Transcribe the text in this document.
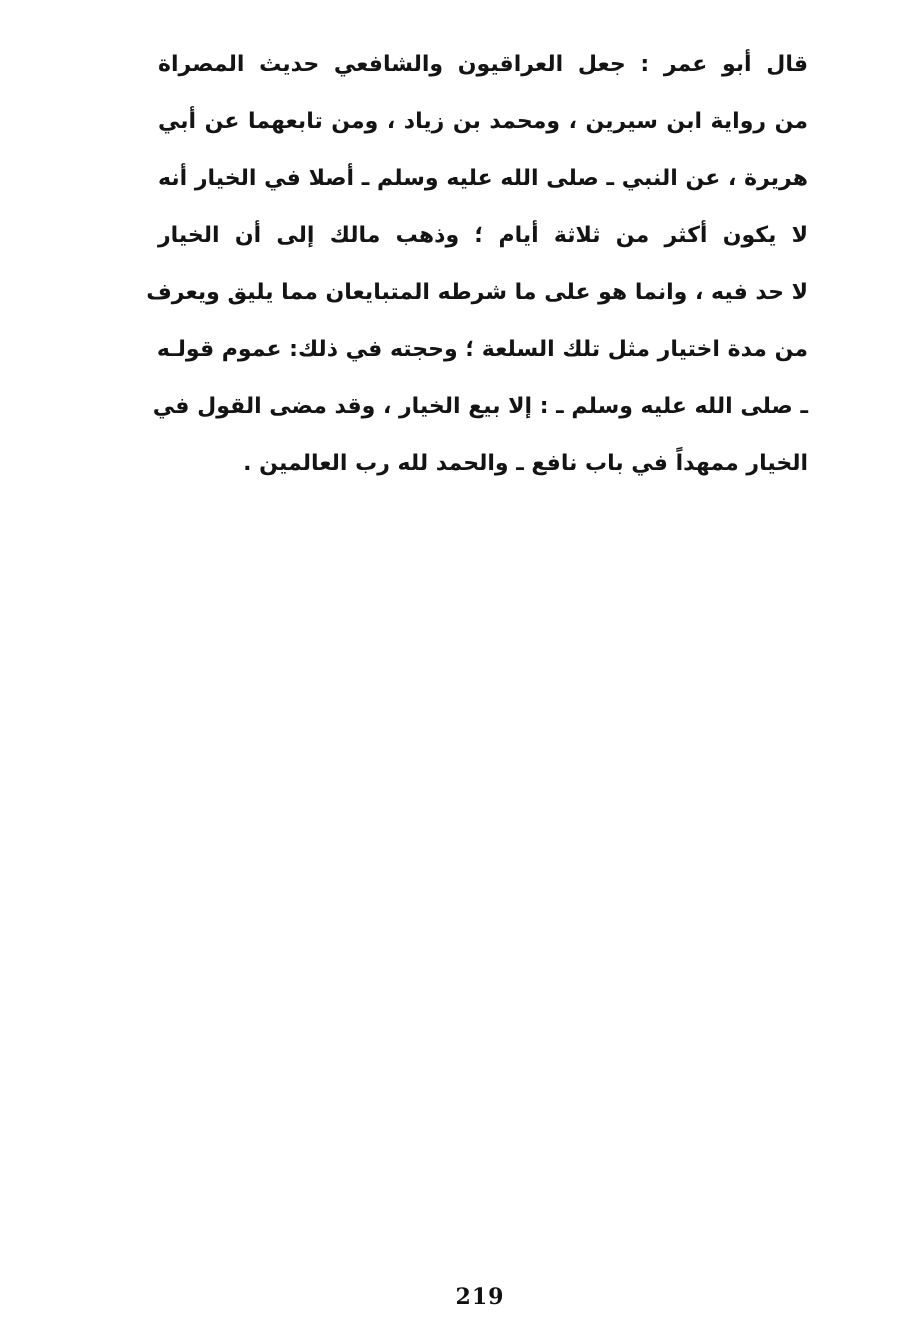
قال أبو عمر : جعل العراقيون والشافعي حديث المصراة
من رواية ابن سيرين ، ومحمد بن زياد ، ومن تابعهما عن أبي
هريرة ، عن النبي ـ صلى الله عليه وسلم ـ أصلا في الخيار أنه
لا يكون أكثر من ثلاثة أيام ؛ وذهب مالك إلى أن الخيار
لا حد فيه ، وانما هو على ما شرطه المتبايعان مما يليق ويعرف
من مدة اختيار مثل تلك السلعة ؛ وحجته في ذلك: عموم قولـه
ـ صلى الله عليه وسلم ـ : إلا بيع الخيار ، وقد مضى القول في
الخيار ممهداً في باب نافع ـ والحمد لله رب العالمين .
219
